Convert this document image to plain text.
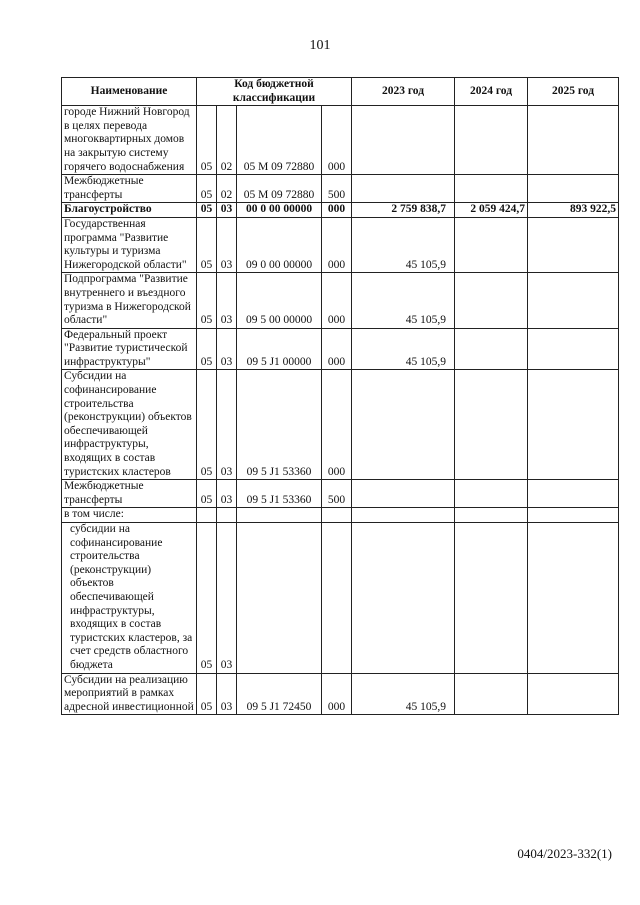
101
Наименование	Код бюджетной классификации				2023 год	2024 год	2025 год
городе Нижний Новгород в целях перевода многоквартирных домов на закрытую систему горячего водоснабжения	05	02	05 М 09 72880	000			
Межбюджетные трансферты	05	02	05 М 09 72880	500			
Благоустройство	05	03	00 0 00 00000	000	2 759 838,7	2 059 424,7	893 922,5
Государственная программа "Развитие культуры и туризма Нижегородской области"	05	03	09 0 00 00000	000	45 105,9		
Подпрограмма "Развитие внутреннего и въездного туризма в Нижегородской области"	05	03	09 5 00 00000	000	45 105,9		
Федеральный проект "Развитие туристической инфраструктуры"	05	03	09 5 J1 00000	000	45 105,9		
Субсидии на софинансирование строительства (реконструкции) объектов обеспечивающей инфраструктуры, входящих в состав туристских кластеров	05	03	09 5 J1 53360	000			
Межбюджетные трансферты	05	03	09 5 J1 53360	500			
в том числе:							
субсидии на софинансирование строительства (реконструкции) объектов обеспечивающей инфраструктуры, входящих в состав туристских кластеров, за счет средств областного бюджета	05	03					
Субсидии на реализацию мероприятий в рамках адресной инвестиционной	05	03	09 5 J1 72450	000	45 105,9		
0404/2023-332(1)
